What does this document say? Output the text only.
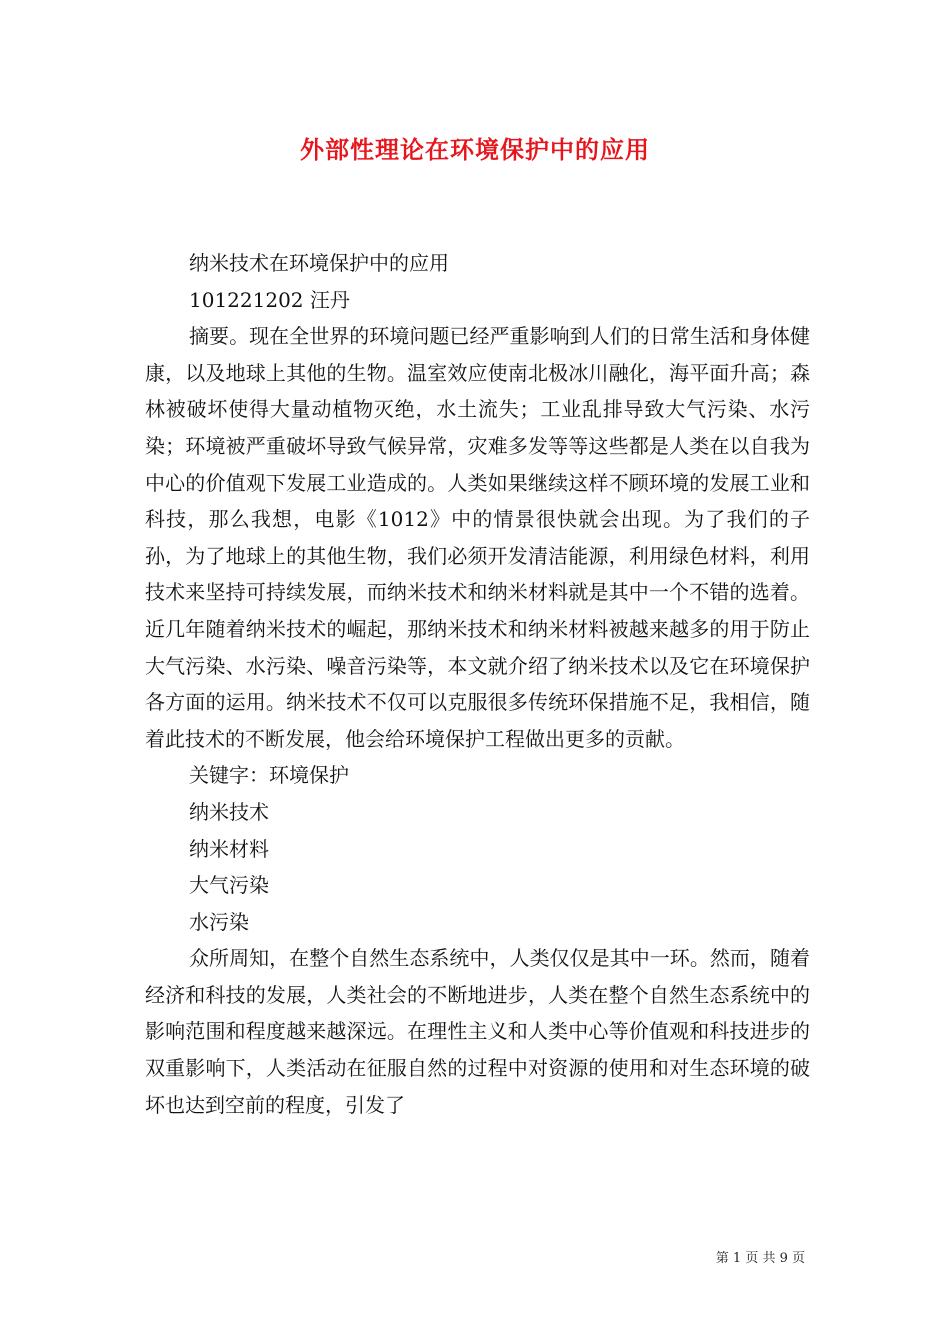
外部性理论在环境保护中的应用
纳米技术在环境保护中的应用
101221202 汪丹
摘要。现在全世界的环境问题已经严重影响到人们的日常生活和身体健康，以及地球上其他的生物。温室效应使南北极冰川融化，海平面升高；森林被破坏使得大量动植物灭绝，水土流失；工业乱排导致大气污染、水污染；环境被严重破坏导致气候异常，灾难多发等等这些都是人类在以自我为中心的价值观下发展工业造成的。人类如果继续这样不顾环境的发展工业和科技，那么我想，电影《1012》中的情景很快就会出现。为了我们的子孙，为了地球上的其他生物，我们必须开发清洁能源，利用绿色材料，利用技术来坚持可持续发展，而纳米技术和纳米材料就是其中一个不错的选着。近几年随着纳米技术的崛起，那纳米技术和纳米材料被越来越多的用于防止大气污染、水污染、噪音污染等，本文就介绍了纳米技术以及它在环境保护各方面的运用。纳米技术不仅可以克服很多传统环保措施不足，我相信，随着此技术的不断发展，他会给环境保护工程做出更多的贡献。
关键字：环境保护
纳米技术
纳米材料
大气污染
水污染
众所周知，在整个自然生态系统中，人类仅仅是其中一环。然而，随着经济和科技的发展，人类社会的不断地进步，人类在整个自然生态系统中的影响范围和程度越来越深远。在理性主义和人类中心等价值观和科技进步的双重影响下，人类活动在征服自然的过程中对资源的使用和对生态环境的破坏也达到空前的程度，引发了
第 1 页 共 9 页
